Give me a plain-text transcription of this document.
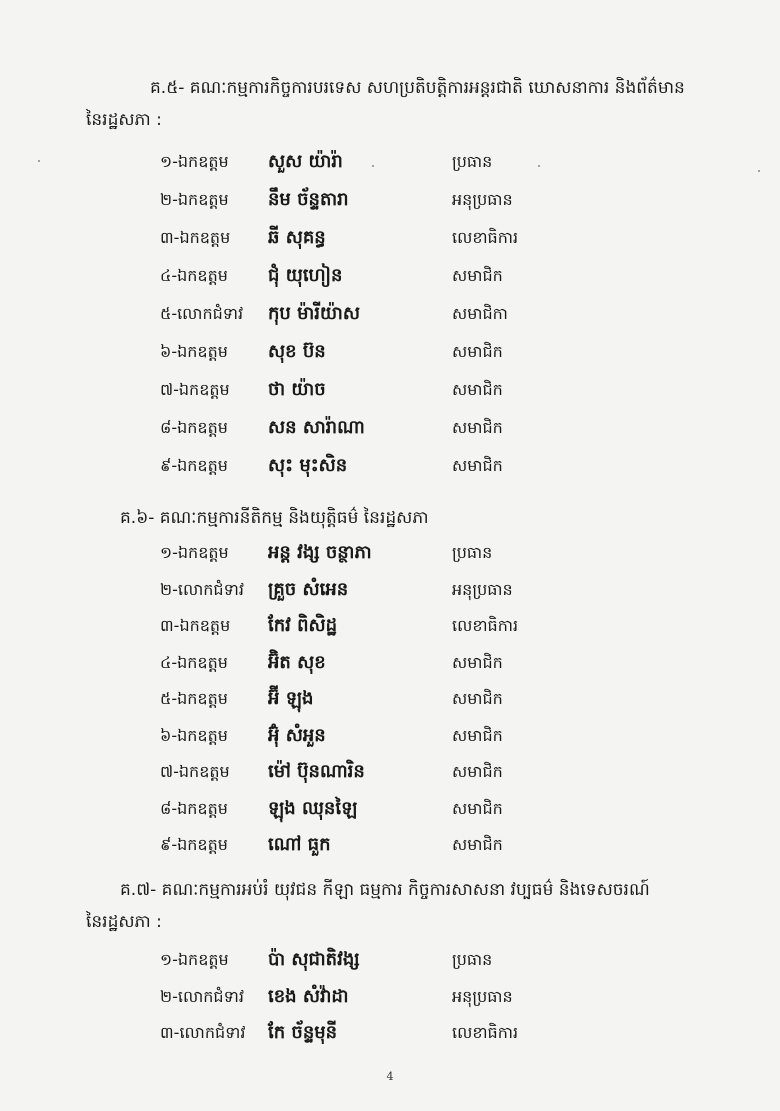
គ.៥- គណៈកម្មការកិច្ចការបរទេស សហប្រតិបត្តិការអន្តរជាតិ ឃោសនាការ និងព័ត៌មាន
នៃរដ្ឋសភា :
១-ឯកឧត្តម សួស យ៉ារ៉ា	ប្រធាន
២-ឯកឧត្តម នឹម ច័ន្ទតារា	អនុប្រធាន
៣-ឯកឧត្តម ឆី សុគន្ធ	លេខាធិការ
៤-ឯកឧត្តម ជុំ យុហៀន	សមាជិក
៥-លោកជំទាវ កុប ម៉ារីយ៉ាស	សមាជិកា
៦-ឯកឧត្តម សុខ ប៊ន	សមាជិក
៧-ឯកឧត្តម ថា យ៉ាច	សមាជិក
៨-ឯកឧត្តម សន សារ៉ាណា	សមាជិក
៩-ឯកឧត្តម សុះ មុះសិន	សមាជិក
គ.៦- គណៈកម្មការនីតិកម្ម និងយុត្តិធម៌ នៃរដ្ឋសភា
១-ឯកឧត្តម អន្ត វង្ស ចន្ថាភា	ប្រធាន
២-លោកជំទាវ គ្រួច សំអេន	អនុប្រធាន
៣-ឯកឧត្តម កែវ ពិសិដ្ឋ	លេខាធិការ
៤-ឯកឧត្តម អ៊ិត សុខ	សមាជិក
៥-ឯកឧត្តម អ៊ី ឡុង	សមាជិក
៦-ឯកឧត្តម អ៊ុំ សំអួន	សមាជិក
៧-ឯកឧត្តម ម៉ៅ ប៊ុនណារិន	សមាជិក
៨-ឯកឧត្តម ឡុង ឈុនឡៃ	សមាជិក
៩-ឯកឧត្តម ណៅ ធួក	សមាជិក
គ.៧- គណៈកម្មការអប់រំ យុវជន កីឡា ធម្មការ កិច្ចការសាសនា វប្បធម៌ និងទេសចរណ៍
នៃរដ្ឋសភា :
១-ឯកឧត្តម ប៉ា សុជាតិវង្ស	ប្រធាន
២-លោកជំទាវ ខេង សំវ៉ាដា	អនុប្រធាន
៣-លោកជំទាវ កែ ច័ន្ទមុនី	លេខាធិការ
4
